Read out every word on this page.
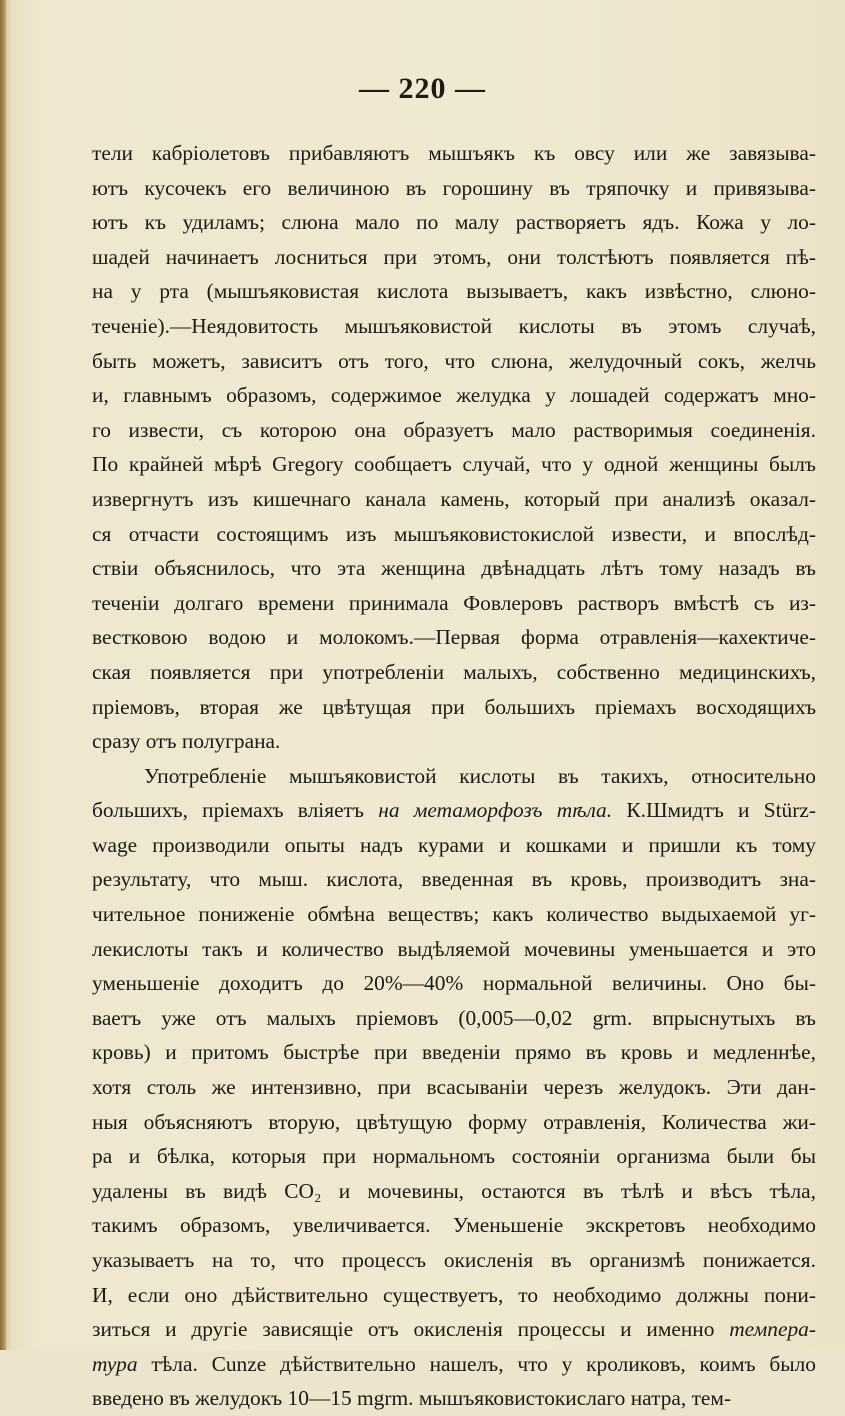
— 220 —
тели кабріолетовъ прибавляютъ мышъякъ къ овсу или же завязыва-
ютъ кусочекъ его величиною въ горошину въ тряпочку и привязыва-
ютъ къ удиламъ; слюна мало по малу растворяетъ ядъ. Кожа у ло-
шадей начинаетъ лосниться при этомъ, они толстѣютъ появляется пѣ-
на у рта (мышъяковистая кислота вызываетъ, какъ извѣстно, слюно-
теченіе).—Неядовитость мышъяковистой кислоты въ этомъ случаѣ,
быть можетъ, зависитъ отъ того, что слюна, желудочный сокъ, желчь
и, главнымъ образомъ, содержимое желудка у лошадей содержатъ мно-
го извести, съ которою она образуетъ мало растворимыя соединенія.
По крайней мѣрѣ Gregory сообщаетъ случай, что у одной женщины былъ
извергнутъ изъ кишечнаго канала камень, который при анализѣ оказал-
ся отчасти состоящимъ изъ мышъяковистокислой извести, и впослѣд-
ствіи объяснилось, что эта женщина двѣнадцать лѣтъ тому назадъ въ
теченіи долгаго времени принимала Фовлеровъ растворъ вмѣстѣ съ из-
вестковою водою и молокомъ.—Первая форма отравленія—кахектиче-
ская появляется при употребленіи малыхъ, собственно медицинскихъ,
пріемовъ, вторая же цвѣтущая при большихъ пріемахъ восходящихъ
сразу отъ полуграна.
Употребленіе мышъяковистой кислоты въ такихъ, относительно
большихъ, пріемахъ вліяетъ на метаморфозъ тѣла. К.Шмидтъ и Stürz-
wage производили опыты надъ курами и кошками и пришли къ тому
результату, что мыш. кислота, введенная въ кровь, производитъ зна-
чительное пониженіе обмѣна веществъ; какъ количество выдыхаемой уг-
лекислоты такъ и количество выдѣляемой мочевины уменьшается и это
уменьшеніе доходитъ до 20%—40% нормальной величины. Оно бы-
ваетъ уже отъ малыхъ пріемовъ (0,005—0,02 grm. впрыснутыхъ въ
кровь) и притомъ быстрѣе при введеніи прямо въ кровь и медленнѣе,
хотя столь же интензивно, при всасываніи черезъ желудокъ. Эти дан-
ныя объясняютъ вторую, цвѣтущую форму отравленія, Количества жи-
ра и бѣлка, которыя при нормальномъ состояніи организма были бы
удалены въ видѣ CO₂ и мочевины, остаются въ тѣлѣ и вѣсъ тѣла,
такимъ образомъ, увеличивается. Уменьшеніе экскретовъ необходимо
указываетъ на то, что процессъ окисленія въ организмѣ понижается.
И, если оно дѣйствительно существуетъ, то необходимо должны пони-
зиться и другіе зависящіе отъ окисленія процессы и именно темпера-
тура тѣла. Cunze дѣйствительно нашелъ, что у кроликовъ, коимъ было
введено въ желудокъ 10—15 mgrm. мышъяковистокислаго натра, тем-
